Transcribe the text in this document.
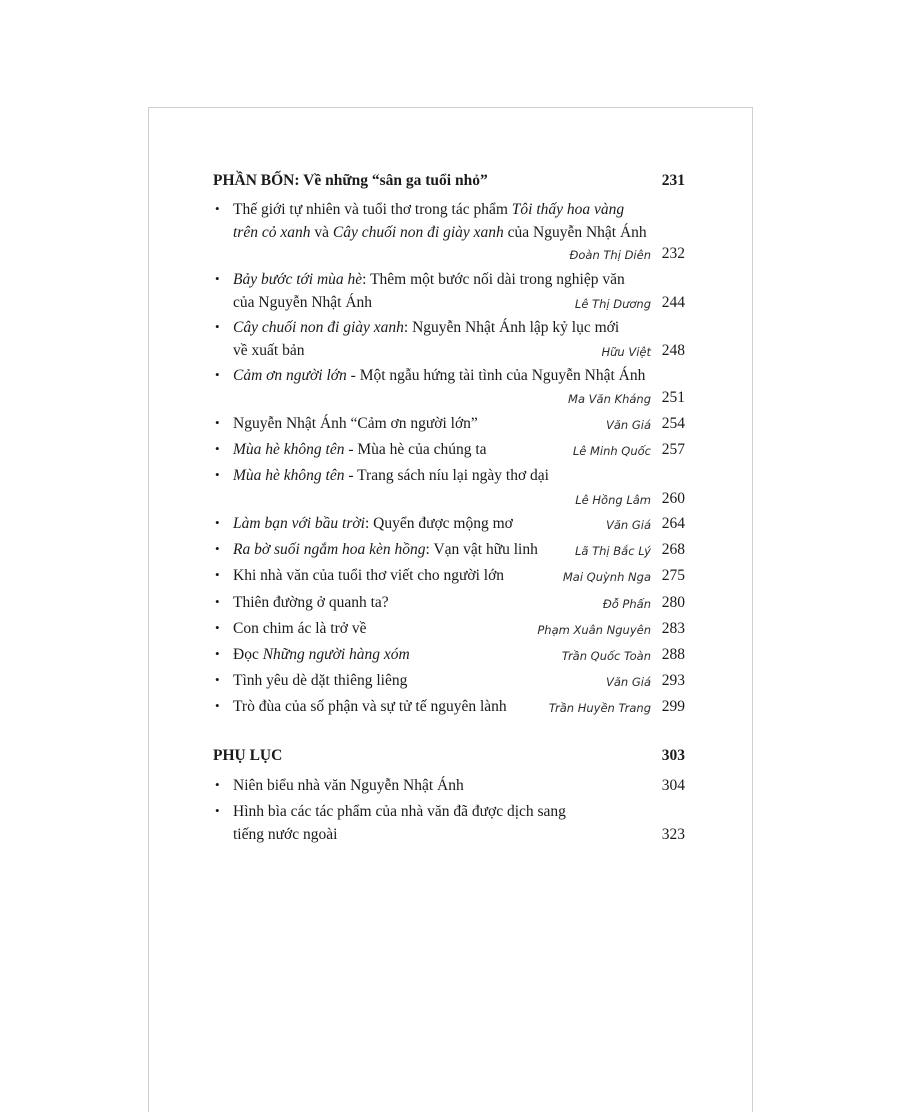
PHẦN BỐN: Về những “sân ga tuổi nhỏ”	231
• Thế giới tự nhiên và tuổi thơ trong tác phẩm Tôi thấy hoa vàng
trên cỏ xanh và Cây chuối non đi giày xanh của Nguyễn Nhật Ánh
Đoàn Thị Diên 232
• Bảy bước tới mùa hè: Thêm một bước nối dài trong nghiệp văn
của Nguyễn Nhật Ánh	Lê Thị Dương 244
• Cây chuối non đi giày xanh: Nguyễn Nhật Ánh lập kỷ lục mới
về xuất bản	Hữu Việt 248
• Cảm ơn người lớn - Một ngẫu hứng tài tình của Nguyễn Nhật Ánh
Ma Văn Kháng 251
• Nguyễn Nhật Ánh “Cảm ơn người lớn”	Văn Giá 254
• Mùa hè không tên - Mùa hè của chúng ta	Lê Minh Quốc 257
• Mùa hè không tên - Trang sách níu lại ngày thơ dại
Lê Hồng Lâm 260
• Làm bạn với bầu trời: Quyển được mộng mơ	Văn Giá 264
• Ra bờ suối ngắm hoa kèn hồng: Vạn vật hữu linh	Lã Thị Bắc Lý 268
• Khi nhà văn của tuổi thơ viết cho người lớn	Mai Quỳnh Nga 275
• Thiên đường ở quanh ta?	Đỗ Phấn 280
• Con chim ác là trở về	Phạm Xuân Nguyên 283
• Đọc Những người hàng xóm	Trần Quốc Toàn 288
• Tình yêu dè dặt thiêng liêng	Văn Giá 293
• Trò đùa của số phận và sự tử tế nguyên lành	Trần Huyền Trang 299
PHỤ LỤC	303
• Niên biểu nhà văn Nguyễn Nhật Ánh	304
• Hình bìa các tác phẩm của nhà văn đã được dịch sang
tiếng nước ngoài	323
